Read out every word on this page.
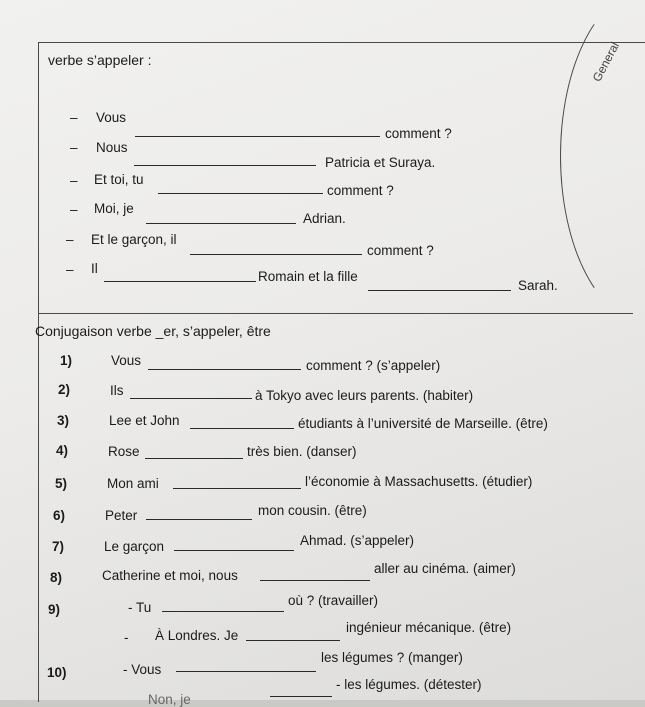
General
verbe s’appeler :
– Vous
comment ?
– Nous
Patricia et Suraya.
– Et toi, tu
comment ?
– Moi, je
Adrian.
– Et le garçon, il
comment ?
– Il
Romain et la fille
Sarah.
Conjugaison verbe _er, s’appeler, être
1)	Vous	comment ? (s’appeler)
2)	Ils	à Tokyo avec leurs parents. (habiter)
3)	Lee et John	étudiants à l’université de Marseille. (être)
4)	Rose	très bien. (danser)
5)	Mon ami	l’économie à Massachusetts. (étudier)
6)	Peter	mon cousin. (être)
7)	Le garçon	Ahmad. (s’appeler)
8)	Catherine et moi, nous	aller au cinéma. (aimer)
9)	- Tu	où ? (travailler)
- À Londres. Je
ingénieur mécanique. (être)
10)	- Vous
les légumes ? (manger)
Non, je
- les légumes. (détester)
